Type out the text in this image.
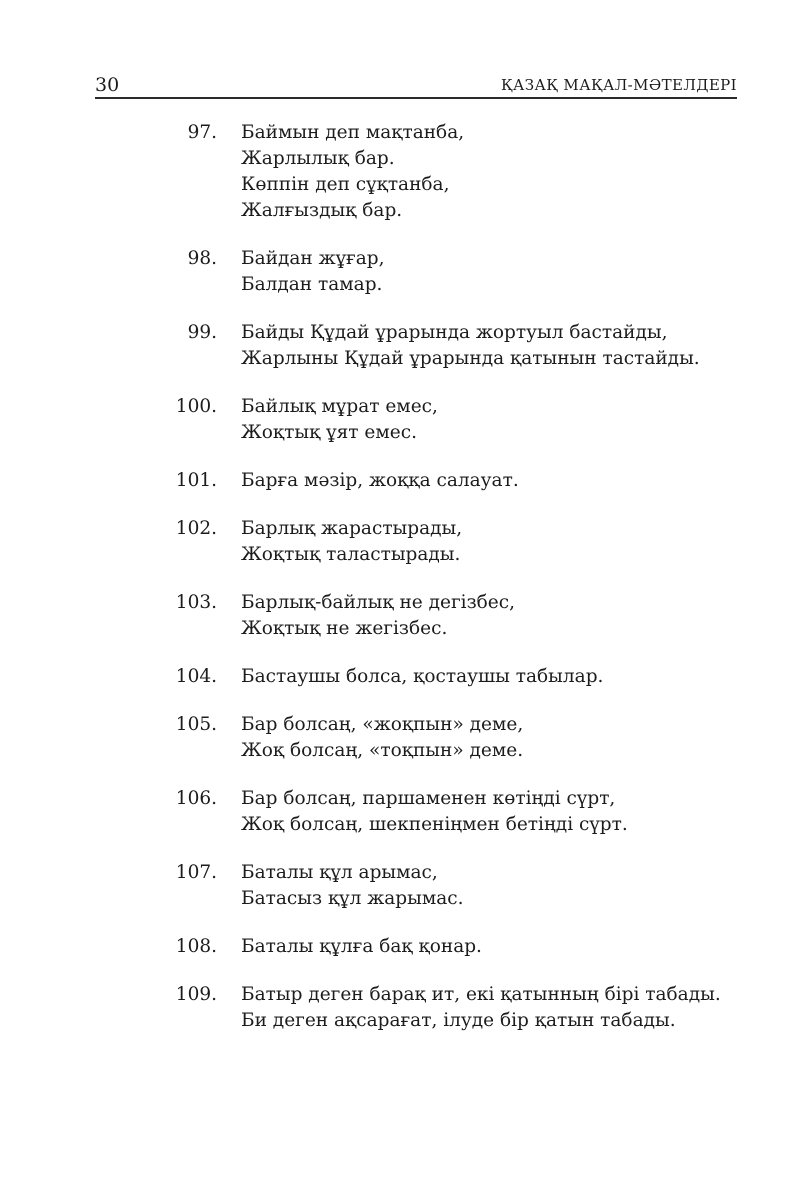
30	ҚАЗАҚ МАҚАЛ-МӘТЕЛДЕРІ
97. Баймын деп мақтанба,
Жарлылық бар.
Көппін деп сұқтанба,
Жалғыздық бар.
98. Байдан жұғар,
Балдан тамар.
99. Байды Құдай ұрарында жортуыл бастайды,
Жарлыны Құдай ұрарында қатынын тастайды.
100. Байлық мұрат емес,
Жоқтық ұят емес.
101. Барға мәзір, жоққа салауат.
102. Барлық жарастырады,
Жоқтық таластырады.
103. Барлық-байлық не дегізбес,
Жоқтық не жегізбес.
104. Бастаушы болса, қостаушы табылар.
105. Бар болсаң, «жоқпын» деме,
Жоқ болсаң, «тоқпын» деме.
106. Бар болсаң, паршаменен көтіңді сүрт,
Жоқ болсаң, шекпеніңмен бетіңді сүрт.
107. Баталы құл арымас,
Батасыз құл жарымас.
108. Баталы құлға бақ қонар.
109. Батыр деген барақ ит, екі қатынның бірі табады.
Би деген ақсарағат, ілуде бір қатын табады.
